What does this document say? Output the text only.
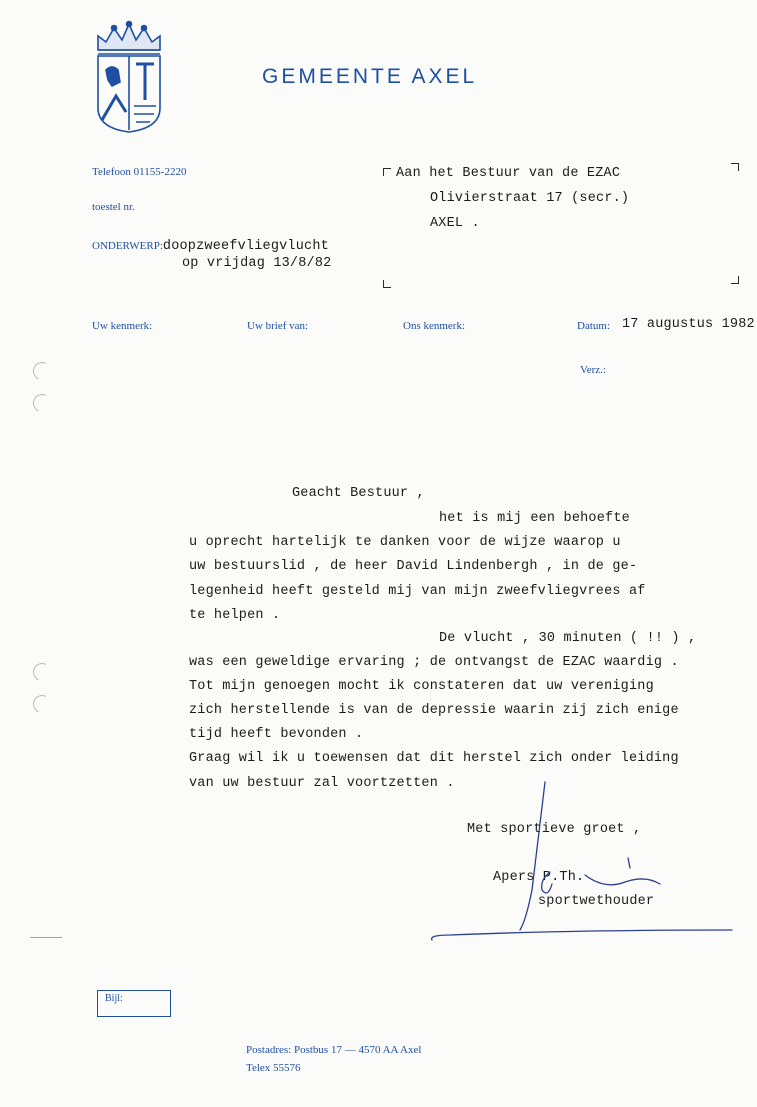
GEMEENTE AXEL
Telefoon 01155-2220
toestel nr.
ONDERWERP:doopzweefvliegvlucht
op vrijdag 13/8/82
Aan het Bestuur van de EZAC
Olivierstraat 17 (secr.)
AXEL .
Uw kenmerk:	Uw brief van:	Ons kenmerk:	Datum: 17 augustus 1982
Verz.:
Geacht Bestuur ,
het is mij een behoefte
u oprecht hartelijk te danken voor de wijze waarop u
uw bestuurslid , de heer David Lindenbergh , in de ge-
legenheid heeft gesteld mij van mijn zweefvliegvrees af
te helpen .
De vlucht , 30 minuten ( !! ) ,
was een geweldige ervaring ; de ontvangst de EZAC waardig .
Tot mijn genoegen mocht ik constateren dat uw vereniging
zich herstellende is van de depressie waarin zij zich enige
tijd heeft bevonden .
Graag wil ik u toewensen dat dit herstel zich onder leiding
van uw bestuur zal voortzetten .
Met sportieve groet ,
Apers P.Th.
sportwethouder
Bijl:
Postadres: Postbus 17 — 4570 AA Axel
Telex 55576
